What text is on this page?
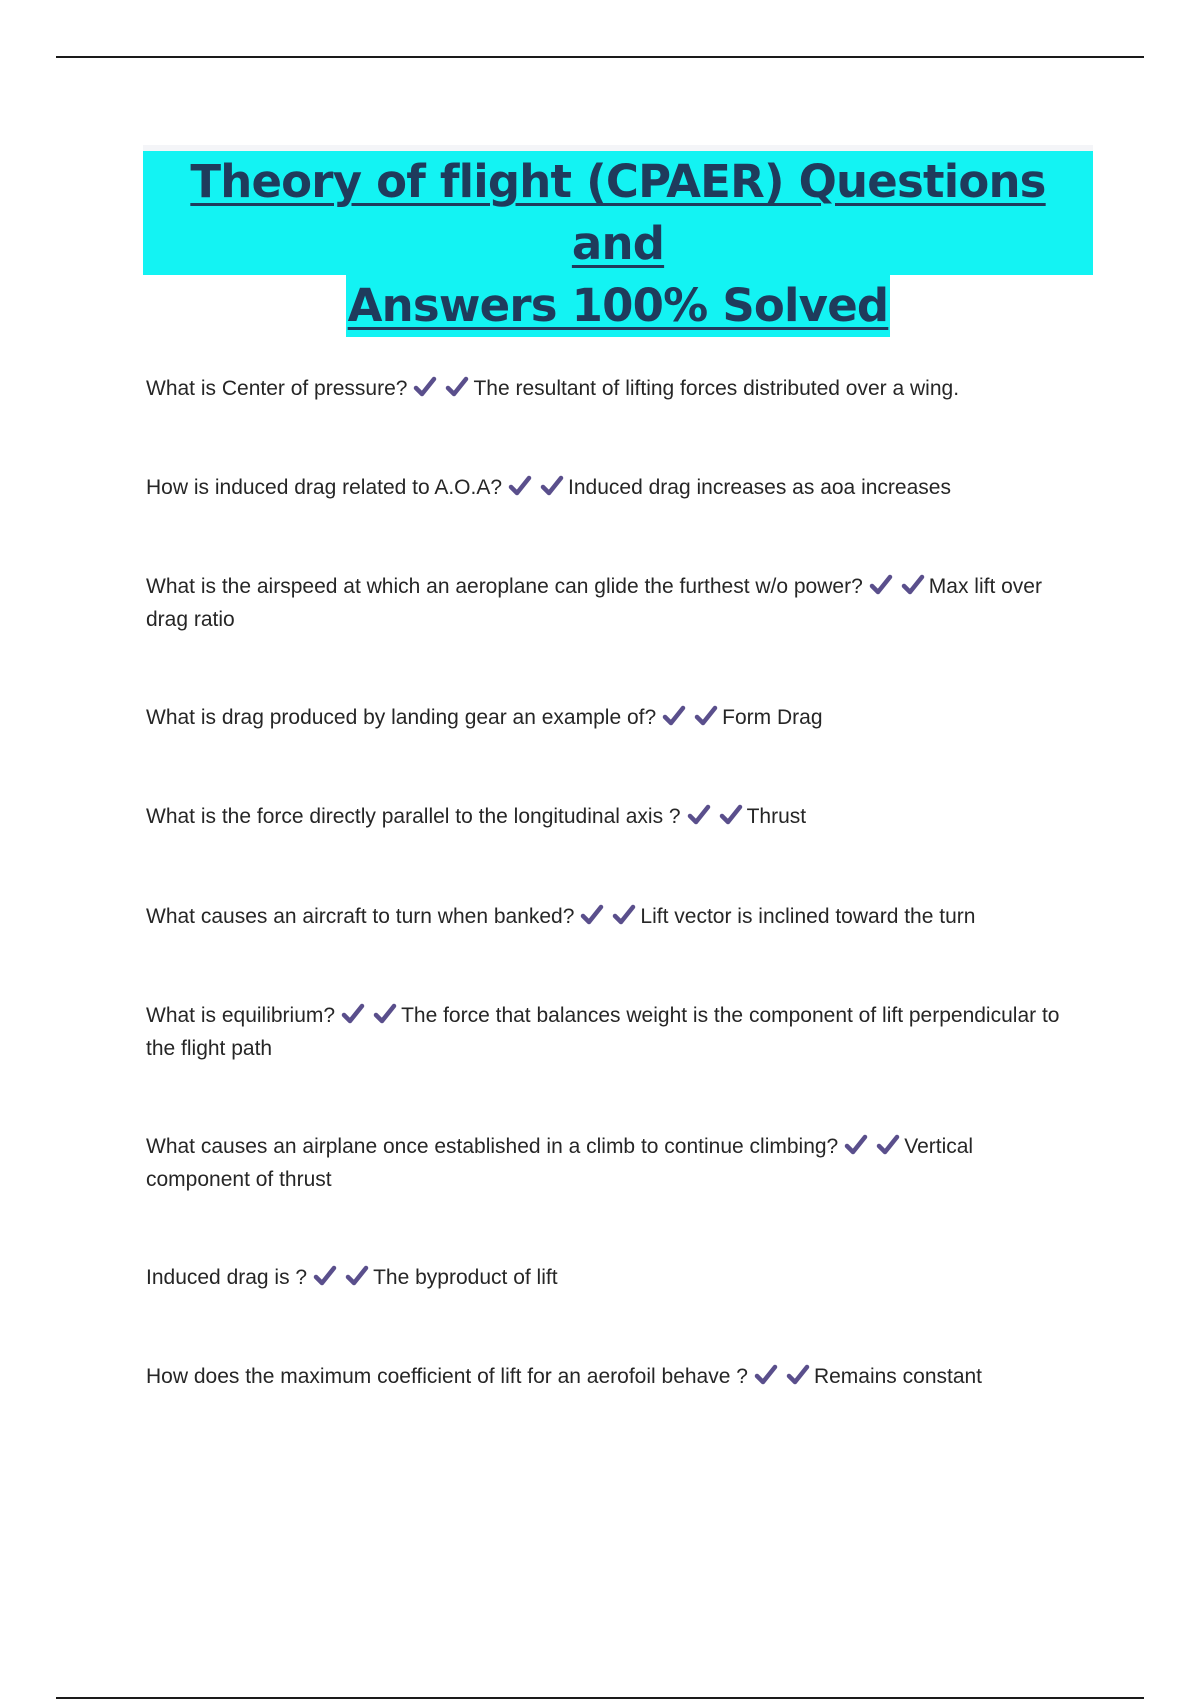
Theory of flight (CPAER) Questions and
Answers 100% Solved
What is Center of pressure?	The resultant of lifting forces distributed over a wing.
How is induced drag related to A.O.A?	Induced drag increases as aoa increases
What is the airspeed at which an aeroplane can glide the furthest w/o power?	Max lift over drag ratio
What is drag produced by landing gear an example of?	Form Drag
What is the force directly parallel to the longitudinal axis ?	Thrust
What causes an aircraft to turn when banked?	Lift vector is inclined toward the turn
What is equilibrium?	The force that balances weight is the component of lift perpendicular to the flight path
What causes an airplane once established in a climb to continue climbing?	Vertical component of thrust
Induced drag is ?	The byproduct of lift
How does the maximum coefficient of lift for an aerofoil behave ?	Remains constant
